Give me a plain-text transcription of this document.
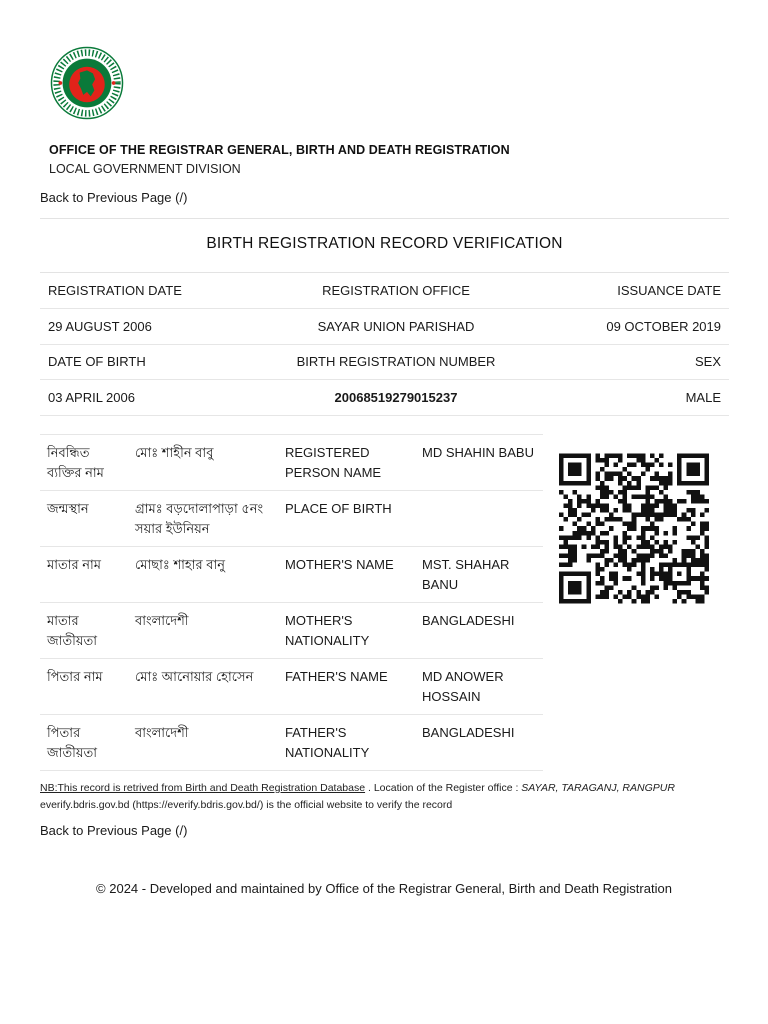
OFFICE OF THE REGISTRAR GENERAL, BIRTH AND DEATH REGISTRATION
LOCAL GOVERNMENT DIVISION
Back to Previous Page (/)
BIRTH REGISTRATION RECORD VERIFICATION
REGISTRATION DATE	REGISTRATION OFFICE	ISSUANCE DATE
29 AUGUST 2006	SAYAR UNION PARISHAD	09 OCTOBER 2019
DATE OF BIRTH	BIRTH REGISTRATION NUMBER	SEX
03 APRIL 2006	20068519279015237	MALE
নিবন্ধিত ব্যক্তির নাম	মোঃ শাহীন বাবু	REGISTERED PERSON NAME	MD SHAHIN BABU
জন্মস্থান	গ্রামঃ বড়দোলাপাড়া ৫নং সয়ার ইউনিয়ন	PLACE OF BIRTH	
মাতার নাম	মোছাঃ শাহার বানু	MOTHER'S NAME	MST. SHAHAR BANU
মাতার জাতীয়তা	বাংলাদেশী	MOTHER'S NATIONALITY	BANGLADESHI
পিতার নাম	মোঃ আনোয়ার হোসেন	FATHER'S NAME	MD ANOWER HOSSAIN
পিতার জাতীয়তা	বাংলাদেশী	FATHER'S NATIONALITY	BANGLADESHI
NB:This record is retrived from Birth and Death Registration Database . Location of the Register office : SAYAR, TARAGANJ, RANGPUR
everify.bdris.gov.bd (https://everify.bdris.gov.bd/) is the official website to verify the record
Back to Previous Page (/)
© 2024 - Developed and maintained by Office of the Registrar General, Birth and Death Registration
